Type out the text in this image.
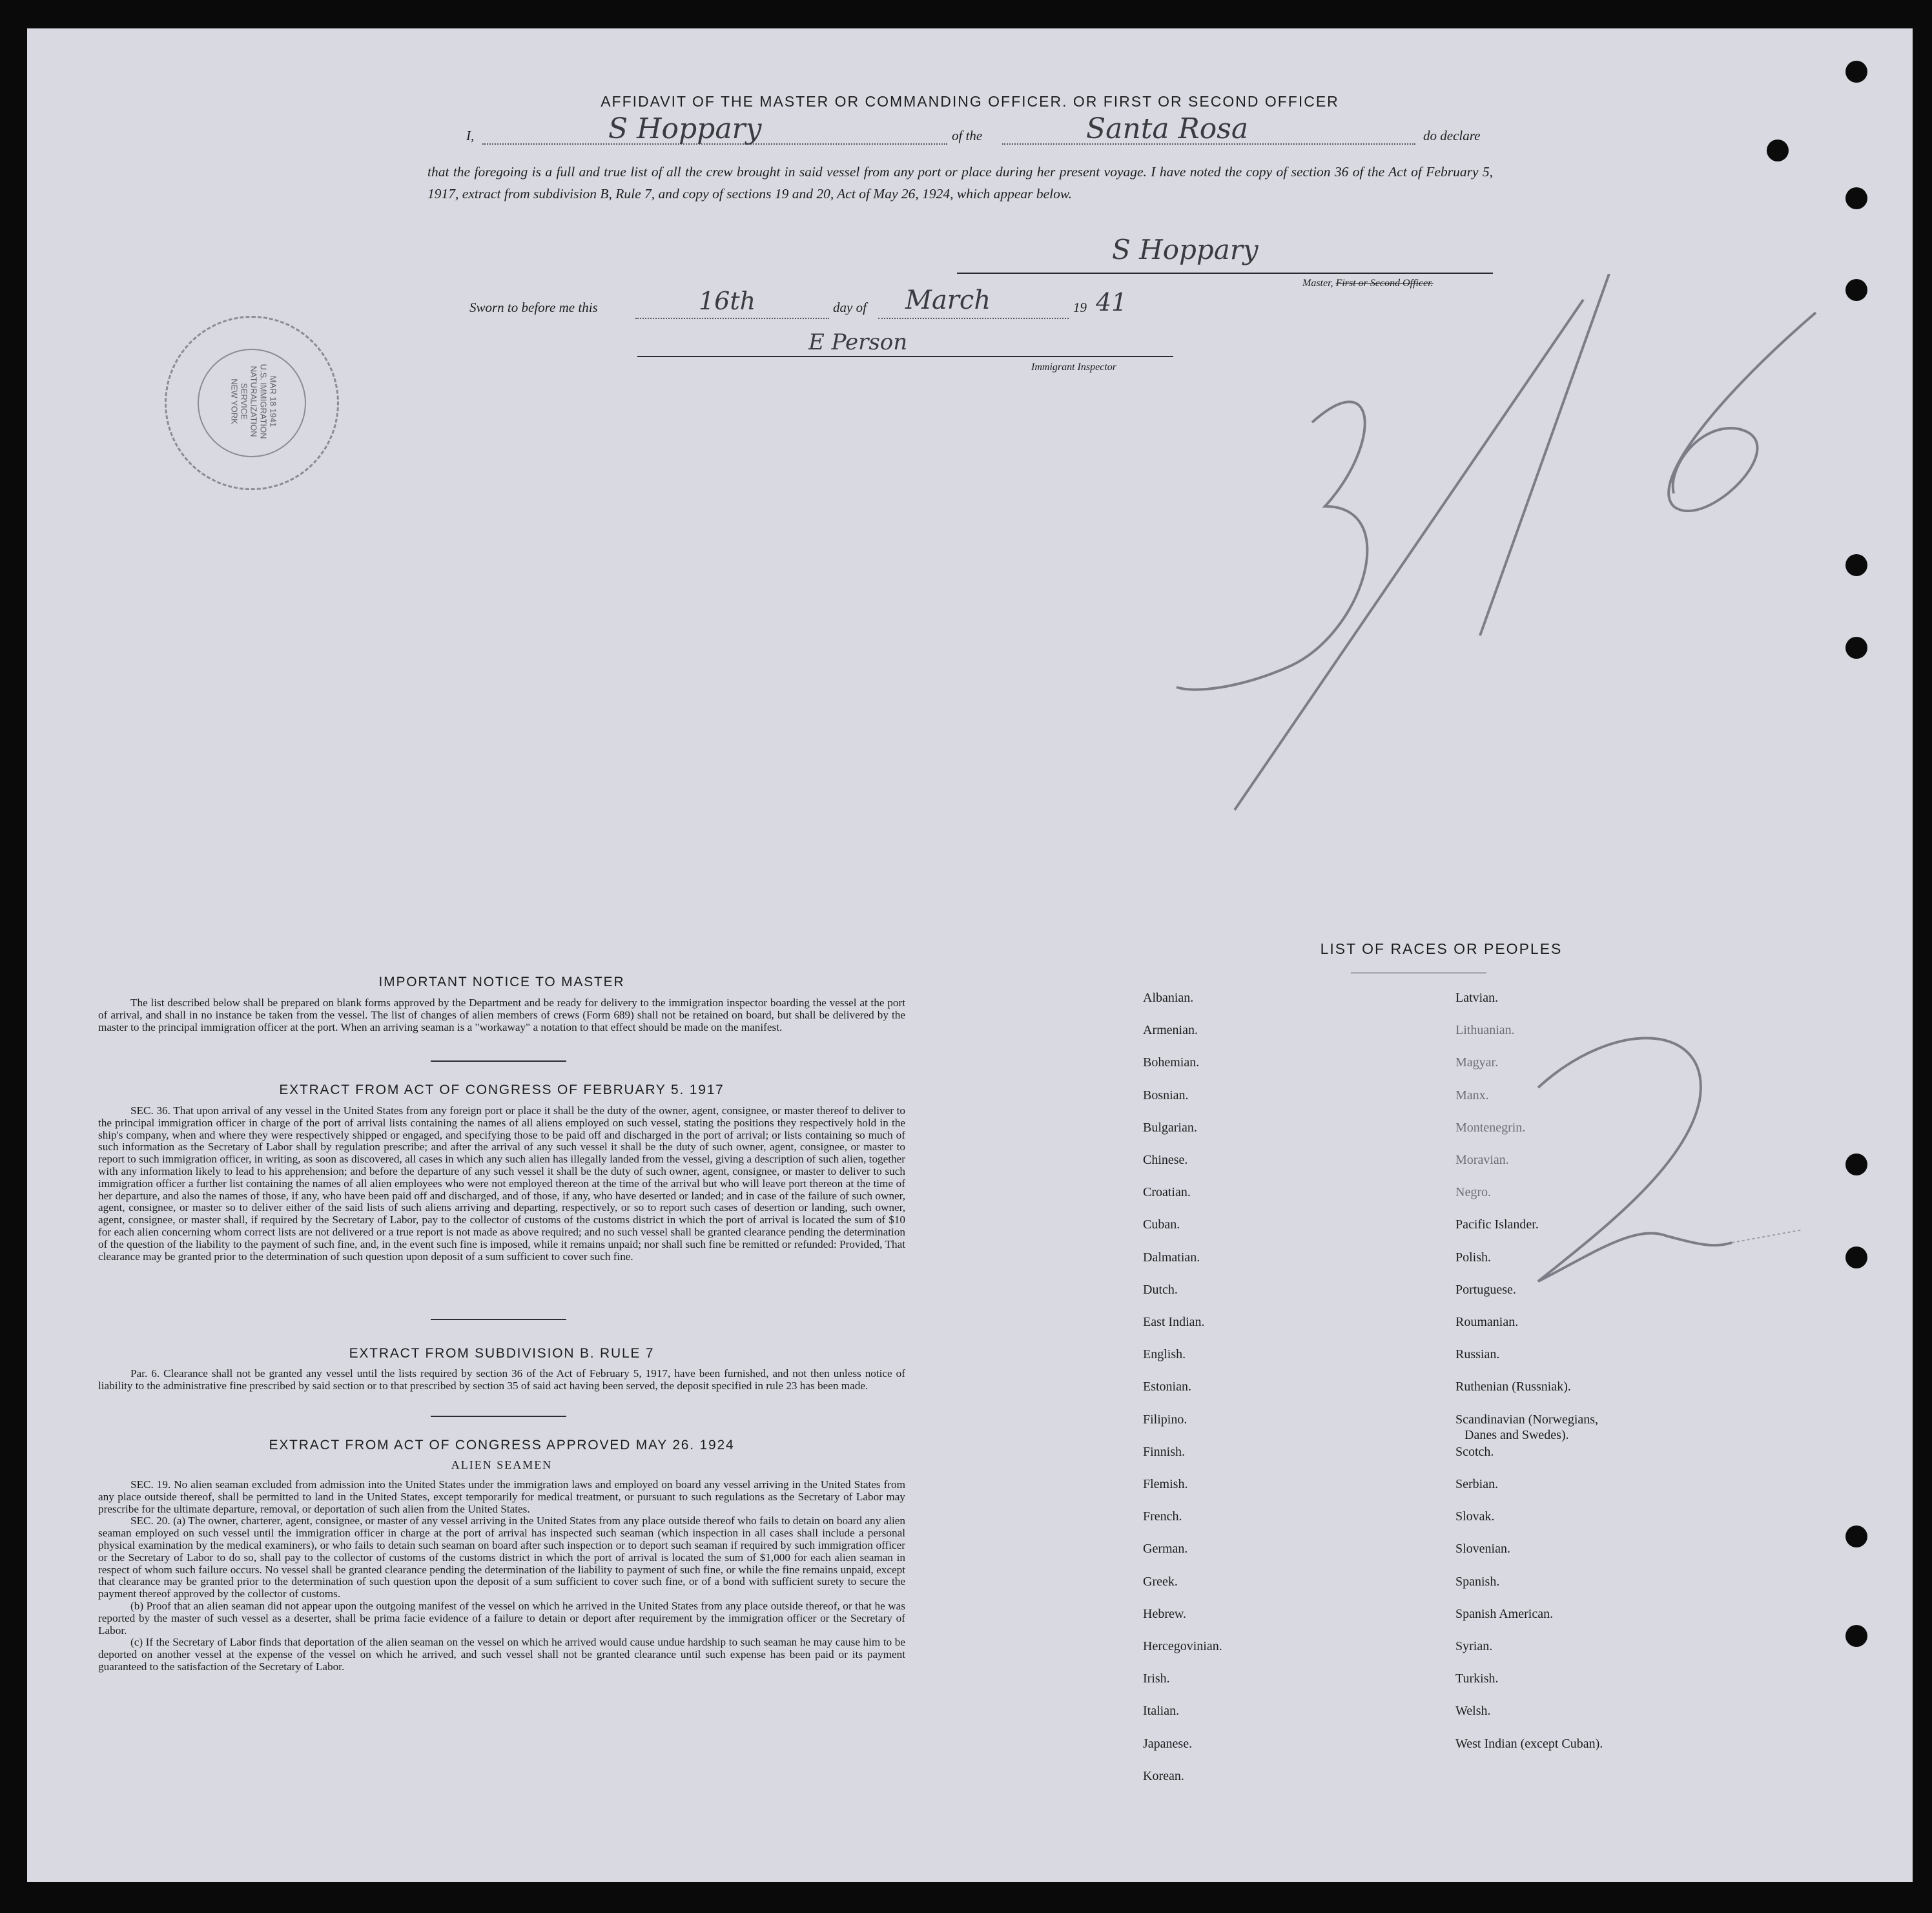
AFFIDAVIT OF THE MASTER OR COMMANDING OFFICER. OR FIRST OR SECOND OFFICER
I,	S Hoppary	of the	Santa Rosa	do declare
that the foregoing is a full and true list of all the crew brought in said vessel from any port or place during her present voyage. I have noted the copy of section 36 of the Act of February 5, 1917, extract from subdivision B, Rule 7, and copy of sections 19 and 20, Act of May 26, 1924, which appear below.
S Hoppary
Master, First or Second Officer.
Sworn to before me this	16th	day of March	19 41
E Person
Immigrant Inspector
MAR 18 1941
U.S. IMMIGRATION
NATURALIZATION
SERVICE
NEW YORK
IMPORTANT NOTICE TO MASTER
The list described below shall be prepared on blank forms approved by the Department and be ready for delivery to the immigration inspector boarding the vessel at the port of arrival, and shall in no instance be taken from the vessel. The list of changes of alien members of crews (Form 689) shall not be retained on board, but shall be delivered by the master to the principal immigration officer at the port. When an arriving seaman is a "workaway" a notation to that effect should be made on the manifest.
EXTRACT FROM ACT OF CONGRESS OF FEBRUARY 5. 1917
SEC. 36. That upon arrival of any vessel in the United States from any foreign port or place it shall be the duty of the owner, agent, consignee, or master thereof to deliver to the principal immigration officer in charge of the port of arrival lists containing the names of all aliens employed on such vessel, stating the positions they respectively hold in the ship's company, when and where they were respectively shipped or engaged, and specifying those to be paid off and discharged in the port of arrival; or lists containing so much of such information as the Secretary of Labor shall by regulation prescribe; and after the arrival of any such vessel it shall be the duty of such owner, agent, consignee, or master to report to such immigration officer, in writing, as soon as discovered, all cases in which any such alien has illegally landed from the vessel, giving a description of such alien, together with any information likely to lead to his apprehension; and before the departure of any such vessel it shall be the duty of such owner, agent, consignee, or master to deliver to such immigration officer a further list containing the names of all alien employees who were not employed thereon at the time of the arrival but who will leave port thereon at the time of her departure, and also the names of those, if any, who have been paid off and discharged, and of those, if any, who have deserted or landed; and in case of the failure of such owner, agent, consignee, or master so to deliver either of the said lists of such aliens arriving and departing, respectively, or so to report such cases of desertion or landing, such owner, agent, consignee, or master shall, if required by the Secretary of Labor, pay to the collector of customs of the customs district in which the port of arrival is located the sum of $10 for each alien concerning whom correct lists are not delivered or a true report is not made as above required; and no such vessel shall be granted clearance pending the determination of the question of the liability to the payment of such fine, and, in the event such fine is imposed, while it remains unpaid; nor shall such fine be remitted or refunded: Provided, That clearance may be granted prior to the determination of such question upon deposit of a sum sufficient to cover such fine.
EXTRACT FROM SUBDIVISION B. RULE 7
Par. 6. Clearance shall not be granted any vessel until the lists required by section 36 of the Act of February 5, 1917, have been furnished, and not then unless notice of liability to the administrative fine prescribed by said section or to that prescribed by section 35 of said act having been served, the deposit specified in rule 23 has been made.
EXTRACT FROM ACT OF CONGRESS APPROVED MAY 26. 1924
ALIEN SEAMEN
SEC. 19. No alien seaman excluded from admission into the United States under the immigration laws and employed on board any vessel arriving in the United States from any place outside thereof, shall be permitted to land in the United States, except temporarily for medical treatment, or pursuant to such regulations as the Secretary of Labor may prescribe for the ultimate departure, removal, or deportation of such alien from the United States.
SEC. 20. (a) The owner, charterer, agent, consignee, or master of any vessel arriving in the United States from any place outside thereof who fails to detain on board any alien seaman employed on such vessel until the immigration officer in charge at the port of arrival has inspected such seaman (which inspection in all cases shall include a personal physical examination by the medical examiners), or who fails to detain such seaman on board after such inspection or to deport such seaman if required by such immigration officer or the Secretary of Labor to do so, shall pay to the collector of customs of the customs district in which the port of arrival is located the sum of $1,000 for each alien seaman in respect of whom such failure occurs. No vessel shall be granted clearance pending the determination of the liability to payment of such fine, or while the fine remains unpaid, except that clearance may be granted prior to the determination of such question upon the deposit of a sum sufficient to cover such fine, or of a bond with sufficient surety to secure the payment thereof approved by the collector of customs.
(b) Proof that an alien seaman did not appear upon the outgoing manifest of the vessel on which he arrived in the United States from any place outside thereof, or that he was reported by the master of such vessel as a deserter, shall be prima facie evidence of a failure to detain or deport after requirement by the immigration officer or the Secretary of Labor.
(c) If the Secretary of Labor finds that deportation of the alien seaman on the vessel on which he arrived would cause undue hardship to such seaman he may cause him to be deported on another vessel at the expense of the vessel on which he arrived, and such vessel shall not be granted clearance until such expense has been paid or its payment guaranteed to the satisfaction of the Secretary of Labor.
LIST OF RACES OR PEOPLES
Albanian.
Armenian.
Bohemian.
Bosnian.
Bulgarian.
Chinese.
Croatian.
Cuban.
Dalmatian.
Dutch.
East Indian.
English.
Estonian.
Filipino.
Finnish.
Flemish.
French.
German.
Greek.
Hebrew.
Hercegovinian.
Irish.
Italian.
Japanese.
Korean.
Latvian.
Lithuanian.
Magyar.
Manx.
Montenegrin.
Moravian.
Negro.
Pacific Islander.
Polish.
Portuguese.
Roumanian.
Russian.
Ruthenian (Russniak).
Scandinavian (Norwegians,
Danes and Swedes).
Scotch.
Serbian.
Slovak.
Slovenian.
Spanish.
Spanish American.
Syrian.
Turkish.
Welsh.
West Indian (except Cuban).
